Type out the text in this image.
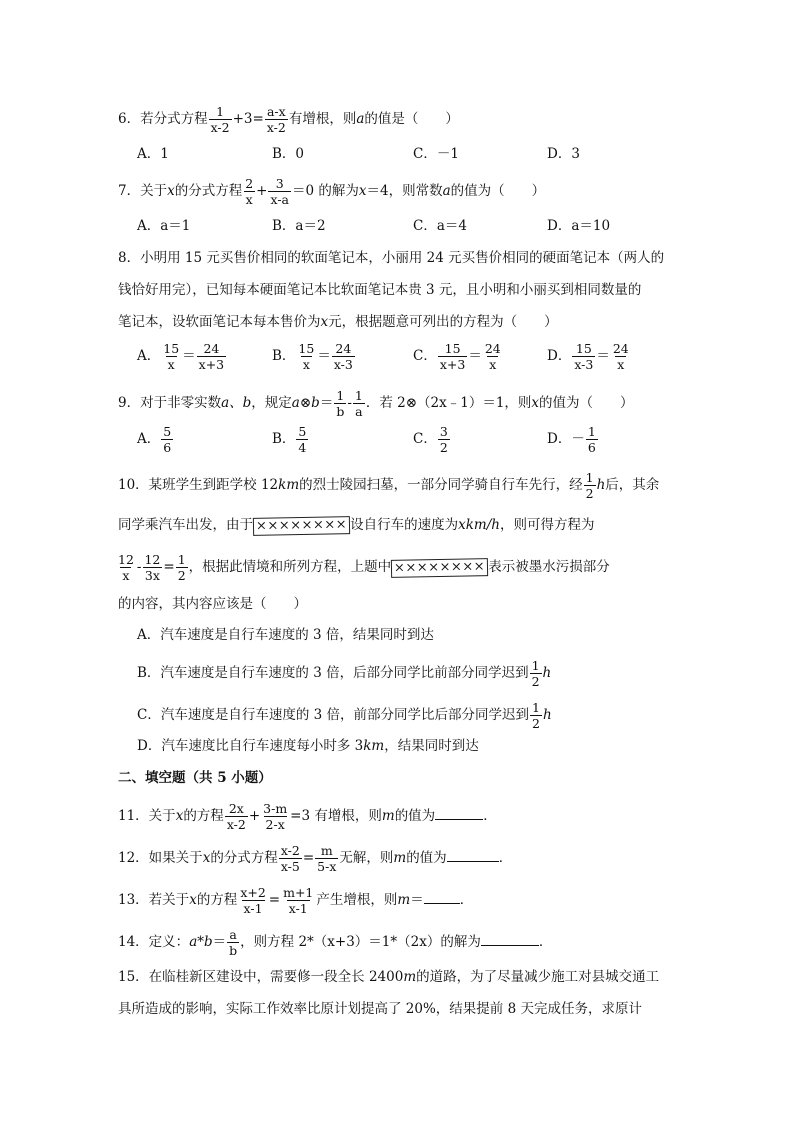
6．若分式方程 $\frac{1}{x-2} +3= \frac{a-x}{x-2}$ 有增根，则a的值是（　　）
A．1	B．0	C．－1	D．3
7．关于x的分式方程 $\frac{2}{x} + \frac{3}{x-a} =0$ 的解为x＝4，则常数a的值为（　　）
A．a＝1	B．a＝2	C．a＝4	D．a＝10
8．小明用 15 元买售价相同的软面笔记本，小丽用 24 元买售价相同的硬面笔记本（两人的
钱恰好用完），已知每本硬面笔记本比软面笔记本贵 3 元，且小明和小丽买到相同数量的
笔记本，设软面笔记本每本售价为x元，根据题意可列出的方程为（　　）
A． $\frac{15}{x} = \frac{24}{x+3}$	B． $\frac{15}{x} = \frac{24}{x-3}$	C． $\frac{15}{x+3} = \frac{24}{x}$	D． $\frac{15}{x-3} = \frac{24}{x}$
9．对于非零实数a、b，规定a⊗b＝ $\frac{1}{b} - \frac{1}{a}$ ．若 2⊗（2x﹣1）＝1，则x的值为（　　）
A． $\frac{5}{6}$	B． $\frac{5}{4}$	C． $\frac{3}{2}$	D．－ $\frac{1}{6}$
10．某班学生到距学校 12km的烈士陵园扫墓，一部分同学骑自行车先行，经 $\frac{1}{2}$ h后，其余
同学乘汽车出发，由于 ×××××××× 设自行车的速度为xkm/h，则可得方程为
$\frac{12}{x} - \frac{12}{3x} = \frac{1}{2}$ ，根据此情境和所列方程，上题中 ×××××××× 表示被墨水污损部分
的内容，其内容应该是（　　）
A．汽车速度是自行车速度的 3 倍，结果同时到达
B．汽车速度是自行车速度的 3 倍，后部分同学比前部分同学迟到 $\frac{1}{2}$ h
C．汽车速度是自行车速度的 3 倍，前部分同学比后部分同学迟到 $\frac{1}{2}$ h
D．汽车速度比自行车速度每小时多 3km，结果同时到达
二、填空题（共 5 小题）
11．关于x的方程 $\frac{2x}{x-2} + \frac{3-m}{2-x} =3$ 有增根，则m的值为	．
12．如果关于x的分式方程 $\frac{x-2}{x-5} = \frac{m}{5-x}$ 无解，则m的值为	．
13．若关于x的方程 $\frac{x+2}{x-1} = \frac{m+1}{x-1}$ 产生增根，则m＝	．
14．定义：$a*b= \frac{a}{b}$ ，则方程 2*（x+3）＝1*（2x）的解为	．
15．在临桂新区建设中，需要修一段全长 2400m的道路，为了尽量减少施工对县城交通工
具所造成的影响，实际工作效率比原计划提高了 20%，结果提前 8 天完成任务，求原计
